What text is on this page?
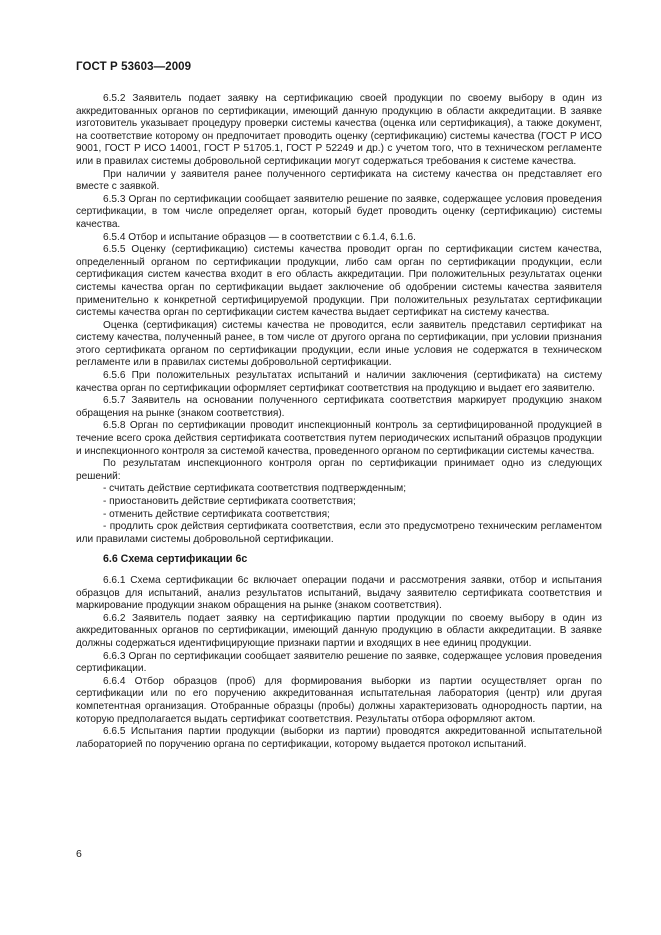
ГОСТ Р 53603—2009

6.5.2 Заявитель подает заявку на сертификацию своей продукции по своему выбору в один из аккредитованных органов по сертификации, имеющий данную продукцию в области аккредитации. В заявке изготовитель указывает процедуру проверки системы качества (оценка или сертификация), а также документ, на соответствие которому он предпочитает проводить оценку (сертификацию) системы качества (ГОСТ Р ИСО 9001, ГОСТ Р ИСО 14001, ГОСТ Р 51705.1, ГОСТ Р 52249 и др.) с учетом того, что в техническом регламенте или в правилах системы добровольной сертификации могут содержаться требования к системе качества.

При наличии у заявителя ранее полученного сертификата на систему качества он представляет его вместе с заявкой.

6.5.3 Орган по сертификации сообщает заявителю решение по заявке, содержащее условия проведения сертификации, в том числе определяет орган, который будет проводить оценку (сертификацию) системы качества.

6.5.4 Отбор и испытание образцов — в соответствии с 6.1.4, 6.1.6.

6.5.5 Оценку (сертификацию) системы качества проводит орган по сертификации систем качества, определенный органом по сертификации продукции, либо сам орган по сертификации продукции, если сертификация систем качества входит в его область аккредитации. При положительных результатах оценки системы качества орган по сертификации выдает заключение об одобрении системы качества заявителя применительно к конкретной сертифицируемой продукции. При положительных результатах сертификации системы качества орган по сертификации систем качества выдает сертификат на систему качества.

Оценка (сертификация) системы качества не проводится, если заявитель представил сертификат на систему качества, полученный ранее, в том числе от другого органа по сертификации, при условии признания этого сертификата органом по сертификации продукции, если иные условия не содержатся в техническом регламенте или в правилах системы добровольной сертификации.

6.5.6 При положительных результатах испытаний и наличии заключения (сертификата) на систему качества орган по сертификации оформляет сертификат соответствия на продукцию и выдает его заявителю.

6.5.7 Заявитель на основании полученного сертификата соответствия маркирует продукцию знаком обращения на рынке (знаком соответствия).

6.5.8 Орган по сертификации проводит инспекционный контроль за сертифицированной продукцией в течение всего срока действия сертификата соответствия путем периодических испытаний образцов продукции и инспекционного контроля за системой качества, проведенного органом по сертификации системы качества.

По результатам инспекционного контроля орган по сертификации принимает одно из следующих решений:

- считать действие сертификата соответствия подтвержденным;

- приостановить действие сертификата соответствия;

- отменить действие сертификата соответствия;

- продлить срок действия сертификата соответствия, если это предусмотрено техническим регламентом или правилами системы добровольной сертификации.

6.6 Схема сертификации 6с

6.6.1 Схема сертификации 6с включает операции подачи и рассмотрения заявки, отбор и испытания образцов для испытаний, анализ результатов испытаний, выдачу заявителю сертификата соответствия и маркирование продукции знаком обращения на рынке (знаком соответствия).

6.6.2 Заявитель подает заявку на сертификацию партии продукции по своему выбору в один из аккредитованных органов по сертификации, имеющий данную продукцию в области аккредитации. В заявке должны содержаться идентифицирующие признаки партии и входящих в нее единиц продукции.

6.6.3 Орган по сертификации сообщает заявителю решение по заявке, содержащее условия проведения сертификации.

6.6.4 Отбор образцов (проб) для формирования выборки из партии осуществляет орган по сертификации или по его поручению аккредитованная испытательная лаборатория (центр) или другая компетентная организация. Отобранные образцы (пробы) должны характеризовать однородность партии, на которую предполагается выдать сертификат соответствия. Результаты отбора оформляют актом.

6.6.5 Испытания партии продукции (выборки из партии) проводятся аккредитованной испытательной лабораторией по поручению органа по сертификации, которому выдается протокол испытаний.

6
